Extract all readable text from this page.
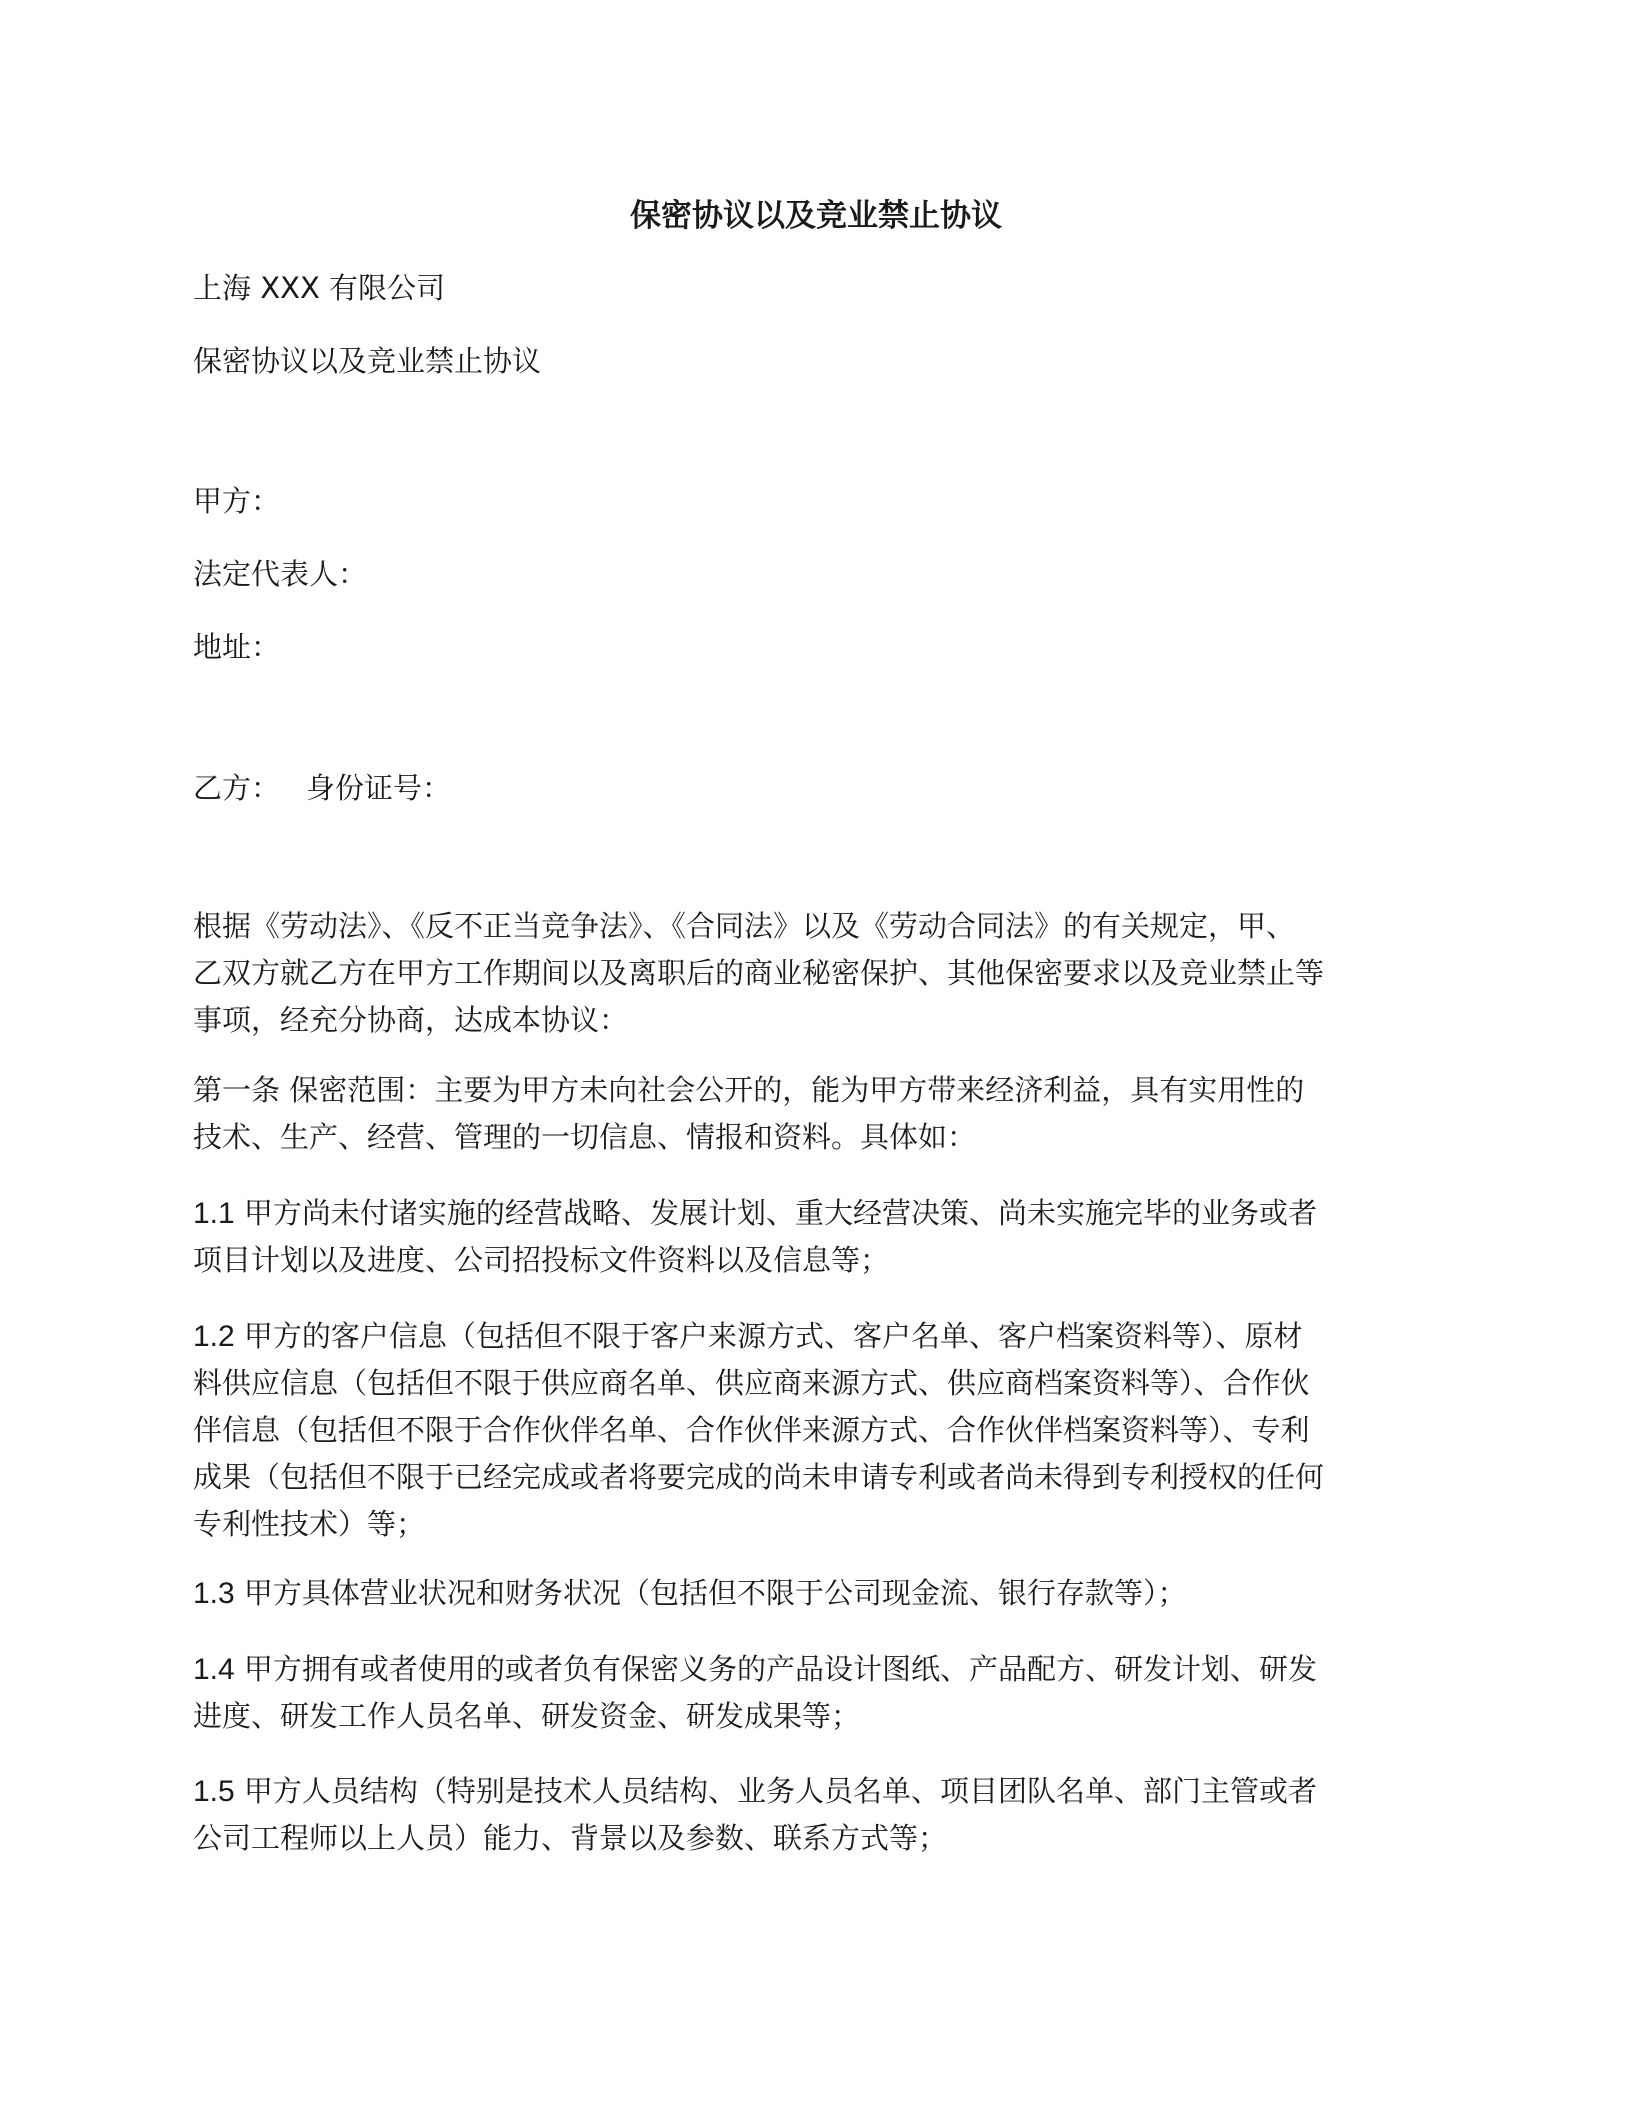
保密协议以及竞业禁止协议
上海 XXX 有限公司
保密协议以及竞业禁止协议
甲方：
法定代表人：
地址：
乙方： 身份证号：
根据《劳动法》、《反不正当竞争法》、《合同法》以及《劳动合同法》的有关规定，甲、
乙双方就乙方在甲方工作期间以及离职后的商业秘密保护、其他保密要求以及竞业禁止等
事项，经充分协商，达成本协议：
第一条 保密范围：主要为甲方未向社会公开的，能为甲方带来经济利益，具有实用性的
技术、生产、经营、管理的一切信息、情报和资料。具体如：
1.1 甲方尚未付诸实施的经营战略、发展计划、重大经营决策、尚未实施完毕的业务或者
项目计划以及进度、公司招投标文件资料以及信息等；
1.2 甲方的客户信息（包括但不限于客户来源方式、客户名单、客户档案资料等）、原材
料供应信息（包括但不限于供应商名单、供应商来源方式、供应商档案资料等）、合作伙
伴信息（包括但不限于合作伙伴名单、合作伙伴来源方式、合作伙伴档案资料等）、专利
成果（包括但不限于已经完成或者将要完成的尚未申请专利或者尚未得到专利授权的任何
专利性技术）等；
1.3 甲方具体营业状况和财务状况（包括但不限于公司现金流、银行存款等）；
1.4 甲方拥有或者使用的或者负有保密义务的产品设计图纸、产品配方、研发计划、研发
进度、研发工作人员名单、研发资金、研发成果等；
1.5 甲方人员结构（特别是技术人员结构、业务人员名单、项目团队名单、部门主管或者
公司工程师以上人员）能力、背景以及参数、联系方式等；
